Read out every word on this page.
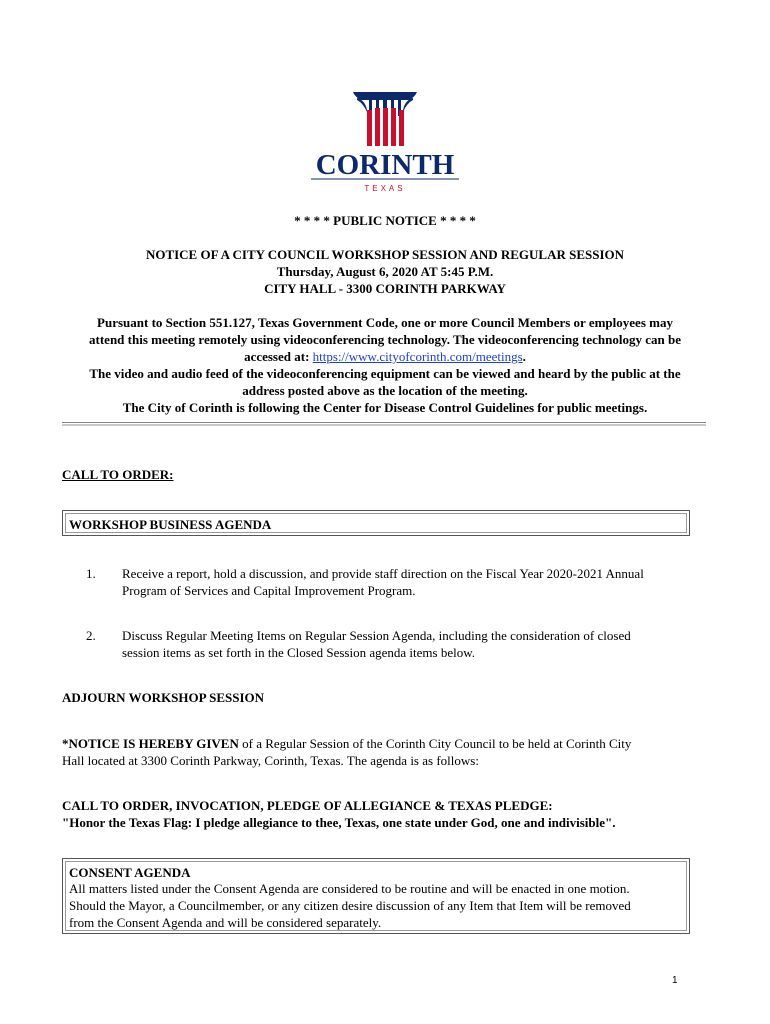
CORINTH
TEXAS
* * * * PUBLIC NOTICE * * * *
NOTICE OF A CITY COUNCIL WORKSHOP SESSION AND REGULAR SESSION
Thursday, August 6, 2020 AT 5:45 P.M.
CITY HALL - 3300 CORINTH PARKWAY
Pursuant to Section 551.127, Texas Government Code, one or more Council Members or employees may
attend this meeting remotely using videoconferencing technology. The videoconferencing technology can be
accessed at: https://www.cityofcorinth.com/meetings.
The video and audio feed of the videoconferencing equipment can be viewed and heard by the public at the
address posted above as the location of the meeting.
The City of Corinth is following the Center for Disease Control Guidelines for public meetings.
CALL TO ORDER:
WORKSHOP BUSINESS AGENDA
1. Receive a report, hold a discussion, and provide staff direction on the Fiscal Year 2020-2021 Annual
Program of Services and Capital Improvement Program.
2. Discuss Regular Meeting Items on Regular Session Agenda, including the consideration of closed
session items as set forth in the Closed Session agenda items below.
ADJOURN WORKSHOP SESSION
*NOTICE IS HEREBY GIVEN of a Regular Session of the Corinth City Council to be held at Corinth City
Hall located at 3300 Corinth Parkway, Corinth, Texas. The agenda is as follows:
CALL TO ORDER, INVOCATION, PLEDGE OF ALLEGIANCE & TEXAS PLEDGE:
"Honor the Texas Flag: I pledge allegiance to thee, Texas, one state under God, one and indivisible".
CONSENT AGENDA
All matters listed under the Consent Agenda are considered to be routine and will be enacted in one motion.
Should the Mayor, a Councilmember, or any citizen desire discussion of any Item that Item will be removed
from the Consent Agenda and will be considered separately.
1
